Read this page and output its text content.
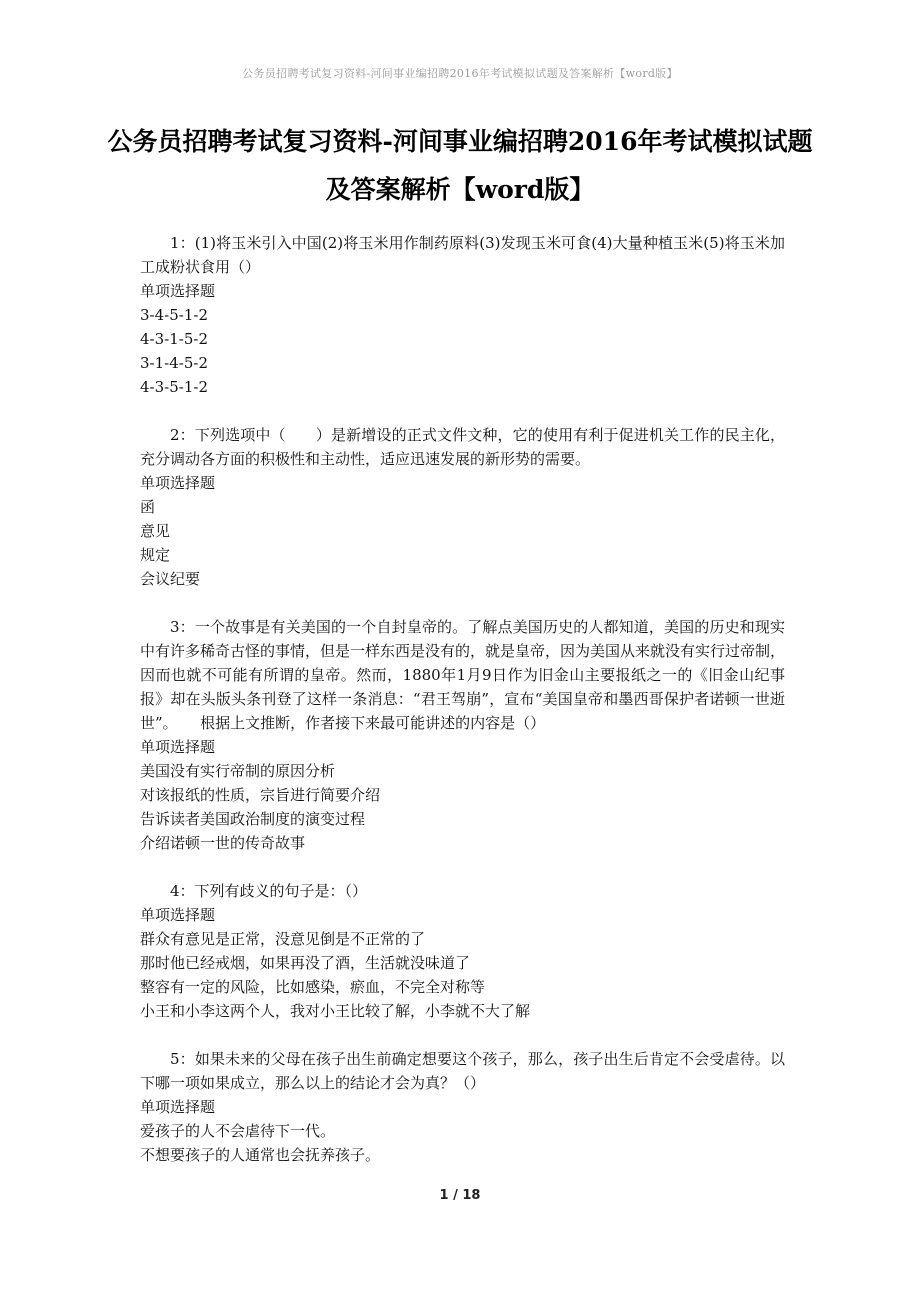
公务员招聘考试复习资料-河间事业编招聘2016年考试模拟试题及答案解析【word版】
公务员招聘考试复习资料-河间事业编招聘2016年考试模拟试题及答案解析【word版】
1：(1)将玉米引入中国(2)将玉米用作制药原料(3)发现玉米可食(4)大量种植玉米(5)将玉米加工成粉状食用（）
单项选择题
3-4-5-1-2
4-3-1-5-2
3-1-4-5-2
4-3-5-1-2
2：下列选项中（　　）是新增设的正式文件文种，它的使用有利于促进机关工作的民主化，充分调动各方面的积极性和主动性，适应迅速发展的新形势的需要。
单项选择题
函
意见
规定
会议纪要
3：一个故事是有关美国的一个自封皇帝的。了解点美国历史的人都知道，美国的历史和现实中有许多稀奇古怪的事情，但是一样东西是没有的，就是皇帝，因为美国从来就没有实行过帝制，因而也就不可能有所谓的皇帝。然而，1880年1月9日作为旧金山主要报纸之一的《旧金山纪事报》却在头版头条刊登了这样一条消息：“君王驾崩”，宣布“美国皇帝和墨西哥保护者诺顿一世逝世”。　　根据上文推断，作者接下来最可能讲述的内容是（）
单项选择题
美国没有实行帝制的原因分析
对该报纸的性质，宗旨进行简要介绍
告诉读者美国政治制度的演变过程
介绍诺顿一世的传奇故事
4：下列有歧义的句子是：（）
单项选择题
群众有意见是正常，没意见倒是不正常的了
那时他已经戒烟，如果再没了酒，生活就没味道了
整容有一定的风险，比如感染，瘀血，不完全对称等
小王和小李这两个人，我对小王比较了解，小李就不大了解
5：如果未来的父母在孩子出生前确定想要这个孩子，那么，孩子出生后肯定不会受虐待。以下哪一项如果成立，那么以上的结论才会为真？（）
单项选择题
爱孩子的人不会虐待下一代。
不想要孩子的人通常也会抚养孩子。
1 / 18
